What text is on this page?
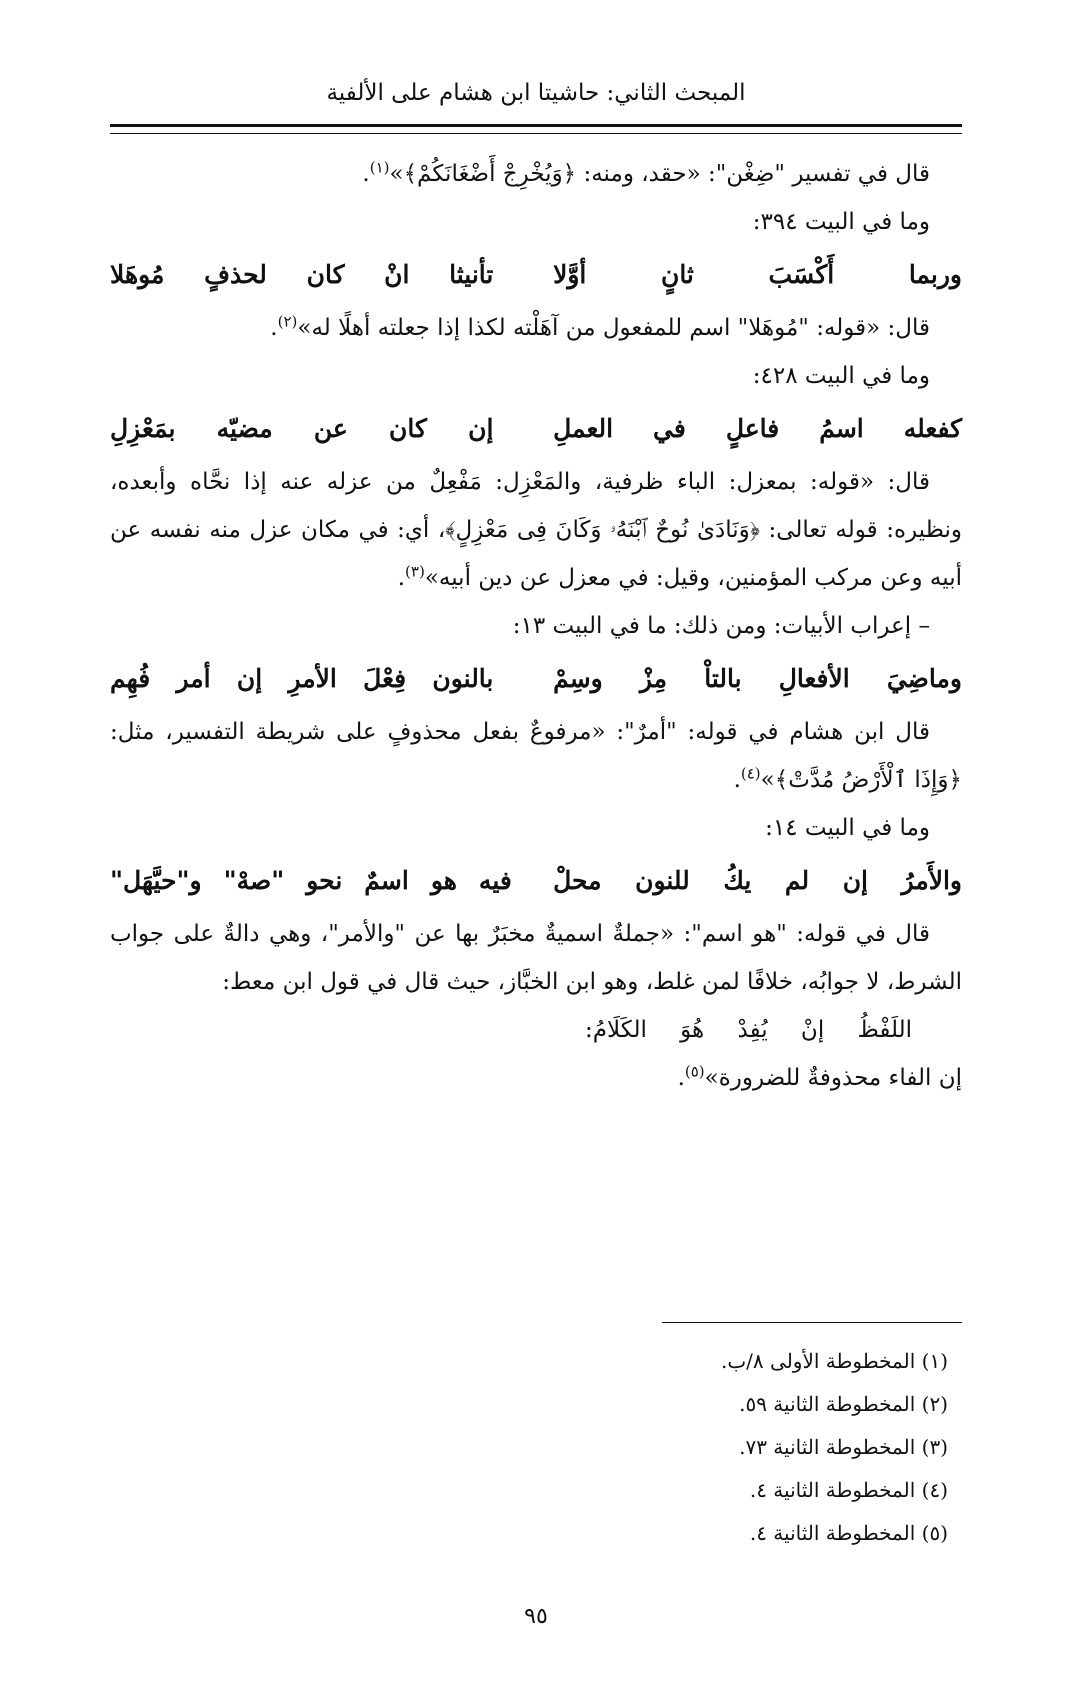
المبحث الثاني: حاشيتا ابن هشام على الألفية

قال في تفسير "ضِغْن": «حقد، ومنه: ﴿وَيُخْرِجْ أَضْغَانَكُمْ﴾»$^{(١)}$.

وما في البيت ٣٩٤:

وربما
أَكْسَبَ
ثانٍ
أوَّلا
تأنيثا
انْ
كان
لحذفٍ
مُوهَلا

قال: «قوله: "مُوهَلا" اسم للمفعول من آهَلْته لكذا إذا جعلته أهلًا له»$^{(٢)}$.

وما في البيت ٤٢٨:

كفعله
اسمُ
فاعلٍ
في
العملِ
إن
كان
عن
مضيّه
بمَعْزِلِ

قال: «قوله: بمعزل: الباء ظرفية، والمَعْزِل: مَفْعِلٌ من عزله عنه إذا نحَّاه وأبعده، ونظيره: قوله تعالى: ﴿وَنَادَىٰ نُوحٌ ٱبْنَهُۥ وَكَانَ فِى مَعْزِلٍ﴾، أي: في مكان عزل منه نفسه عن أبيه وعن مركب المؤمنين، وقيل: في معزل عن دين أبيه»$^{(٣)}$.

– إعراب الأبيات: ومن ذلك: ما في البيت ١٣:

وماضِيَ
الأفعالِ
بالتاْ
مِزْ
وسِمْ
بالنون
فِعْلَ
الأمرِ
إن
أمر
فُهِم

قال ابن هشام في قوله: "أمرٌ": «مرفوعٌ بفعل محذوفٍ على شريطة التفسير، مثل: ﴿وَإِذَا ٱلْأَرْضُ مُدَّتْ﴾»$^{(٤)}$.

وما في البيت ١٤:

والأَمرُ
إن
لم
يكُ
للنون
محلْ
فيه
هو
اسمٌ
نحو
"صهْ"
و"حيَّهَل"

قال في قوله: "هو اسم": «جملةٌ اسميةٌ مخبَرٌ بها عن "والأمر"، وهي دالةٌ على جواب الشرط، لا جوابُه، خلافًا لمن غلط، وهو ابن الخبَّاز، حيث قال في قول ابن معط:

اللَفْظُ إنْ يُفِدْ هُوَ الكَلَامُ:

إن الفاء محذوفةٌ للضرورة»$^{(٥)}$.

(١) المخطوطة الأولى ٨/ب.
(٢) المخطوطة الثانية ٥٩.
(٣) المخطوطة الثانية ٧٣.
(٤) المخطوطة الثانية ٤.
(٥) المخطوطة الثانية ٤.
٩٥
